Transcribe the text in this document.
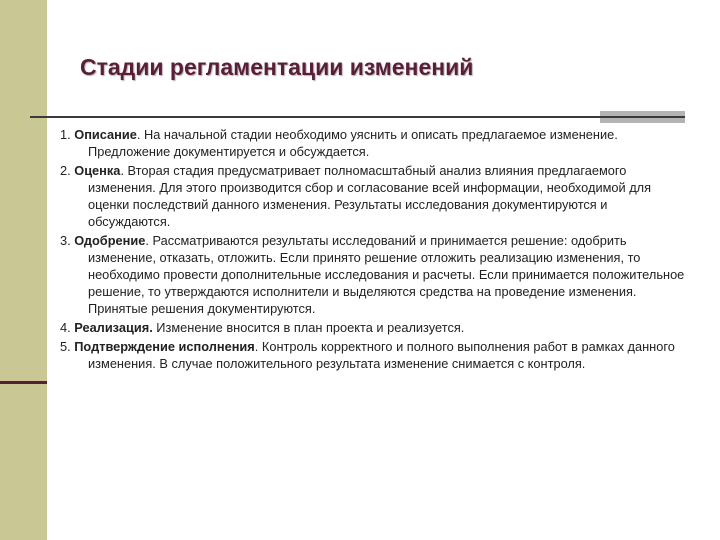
Стадии регламентации изменений
1. Описание. На начальной стадии необходимо уяснить и описать предлагаемое изменение. Предложение документируется и обсуждается.
2. Оценка. Вторая стадия предусматривает полномасштабный анализ влияния предлагаемого изменения. Для этого производится сбор и согласование всей информации, необходимой для оценки последствий данного изменения. Результаты исследования документируются и обсуждаются.
3. Одобрение. Рассматриваются результаты исследований и принимается решение: одобрить изменение, отказать, отложить. Если принято решение отложить реализацию изменения, то необходимо провести дополнительные исследования и расчеты. Если принимается положительное решение, то утверждаются исполнители и выделяются средства на проведение изменения. Принятые решения документируются.
4. Реализация. Изменение вносится в план проекта и реализуется.
5. Подтверждение исполнения. Контроль корректного и полного выполнения работ в рамках данного изменения. В случае положительного результата изменение снимается с контроля.
